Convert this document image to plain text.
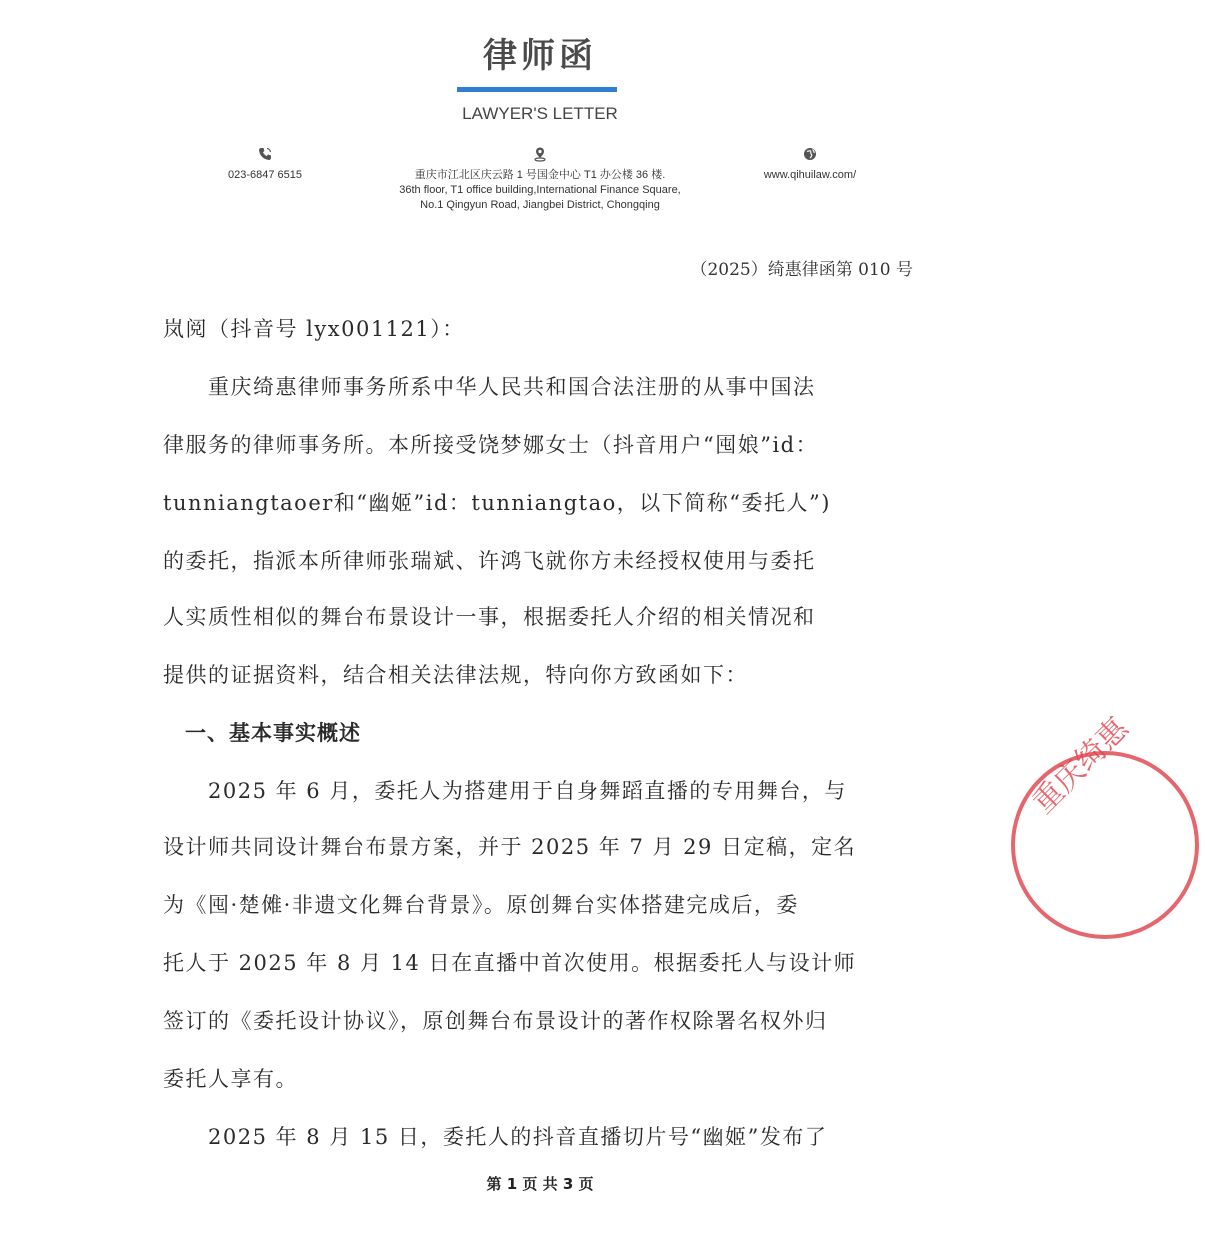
律师函
LAWYER'S LETTER
023-6847 6515	重庆市江北区庆云路 1 号国金中心 T1 办公楼 36 楼.
36th floor, T1 office building,International Finance Square,
No.1 Qingyun Road, Jiangbei District, Chongqing
www.qihuilaw.com/
（2025）绮惠律函第 010 号
岚阅（抖音号 lyx001121）：
　　重庆绮惠律师事务所系中华人民共和国合法注册的从事中国法
律服务的律师事务所。本所接受饶梦娜女士（抖音用户“囤娘”id：
tunniangtaoer和“幽姬”id：tunniangtao，以下简称“委托人”)
的委托，指派本所律师张瑞斌、许鸿飞就你方未经授权使用与委托
人实质性相似的舞台布景设计一事，根据委托人介绍的相关情况和
提供的证据资料，结合相关法律法规，特向你方致函如下：
　一、基本事实概述
　　2025 年 6 月，委托人为搭建用于自身舞蹈直播的专用舞台，与
设计师共同设计舞台布景方案，并于 2025 年 7 月 29 日定稿，定名
为《囤·楚傩·非遗文化舞台背景》。原创舞台实体搭建完成后，委
托人于 2025 年 8 月 14 日在直播中首次使用。根据委托人与设计师
签订的《委托设计协议》，原创舞台布景设计的著作权除署名权外归
委托人享有。
　　2025 年 8 月 15 日，委托人的抖音直播切片号“幽姬”发布了
第 1 页 共 3 页
重庆绮惠
